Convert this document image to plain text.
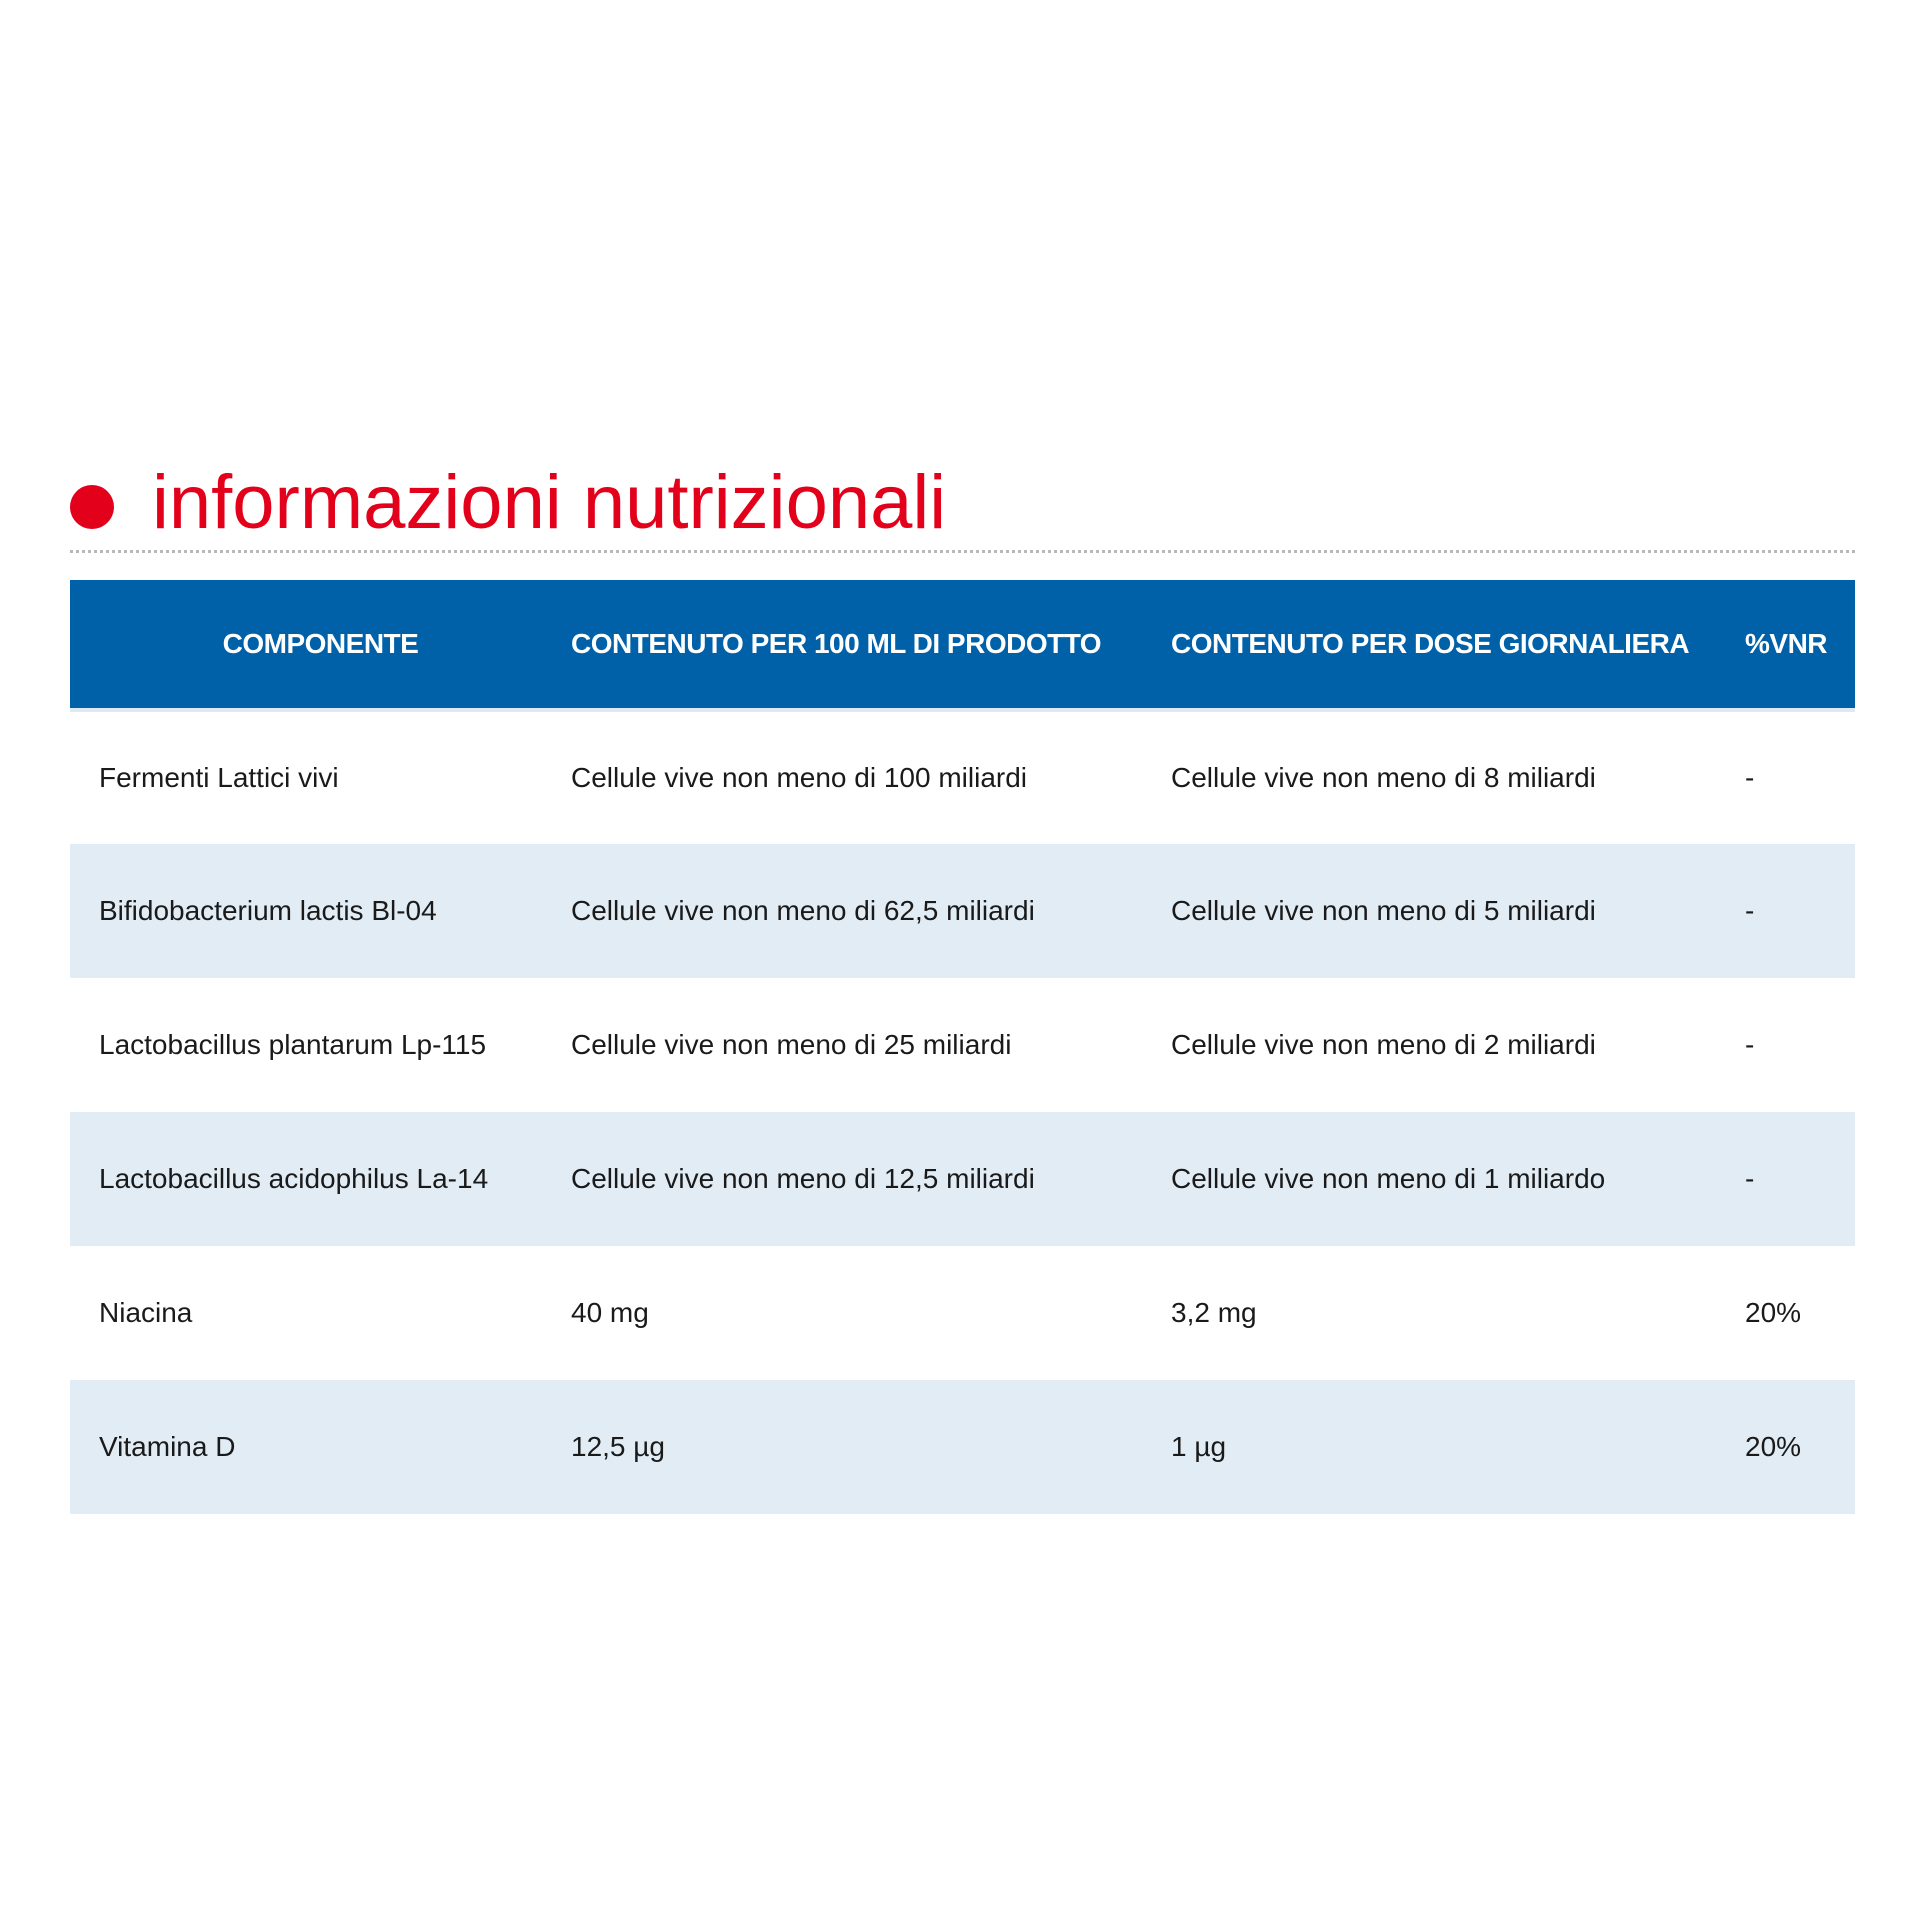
informazioni nutrizionali
COMPONENTE	CONTENUTO PER 100 ML DI PRODOTTO	CONTENUTO PER DOSE GIORNALIERA	%VNR
Fermenti Lattici vivi	Cellule vive non meno di 100 miliardi	Cellule vive non meno di 8 miliardi	-
Bifidobacterium lactis Bl-04	Cellule vive non meno di 62,5 miliardi	Cellule vive non meno di 5 miliardi	-
Lactobacillus plantarum Lp-115	Cellule vive non meno di 25 miliardi	Cellule vive non meno di 2 miliardi	-
Lactobacillus acidophilus La-14	Cellule vive non meno di 12,5 miliardi	Cellule vive non meno di 1 miliardo	-
Niacina	40 mg	3,2 mg	20%
Vitamina D	12,5 µg	1 µg	20%
